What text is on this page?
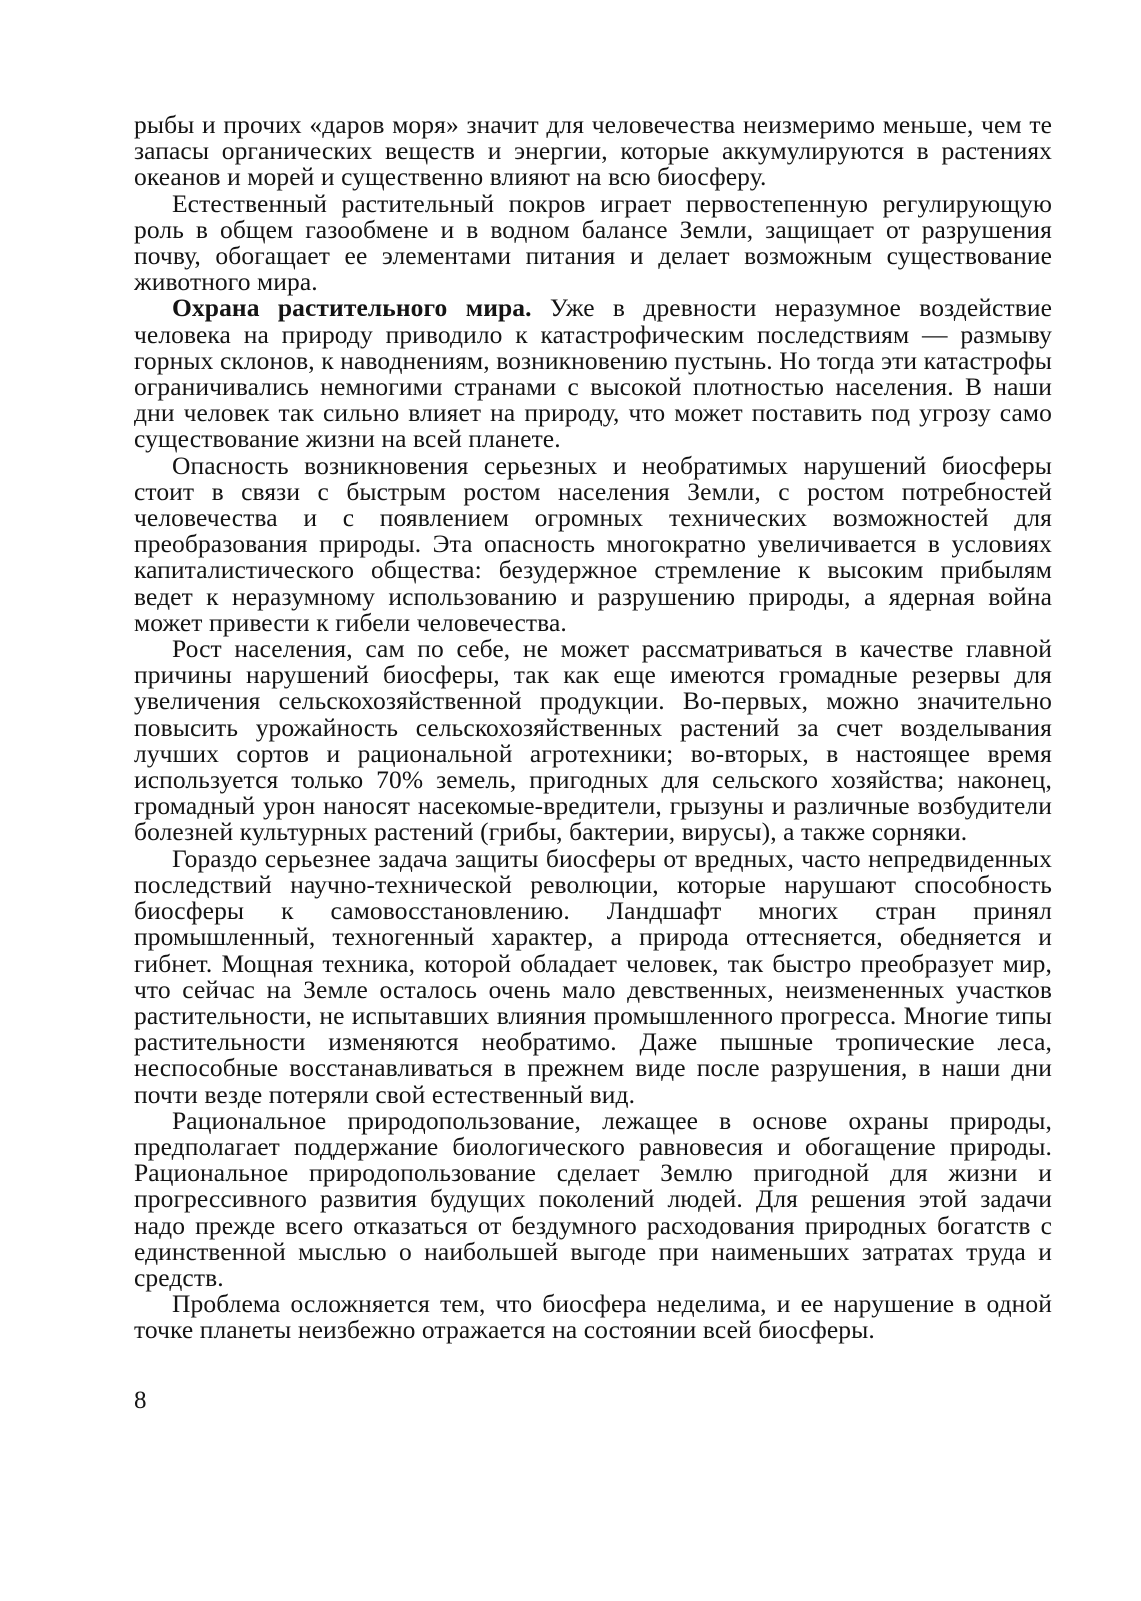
рыбы и прочих «даров моря» значит для человечества неизмеримо меньше, чем те запасы органических веществ и энергии, которые аккумулируются в растениях океанов и морей и существенно влияют на всю биосферу.

Естественный растительный покров играет первостепенную регулирующую роль в общем газообмене и в водном балансе Земли, защищает от разрушения почву, обогащает ее элементами питания и делает возможным существование животного мира.

Охрана растительного мира. Уже в древности неразумное воздействие человека на природу приводило к катастрофическим последствиям — размыву горных склонов, к наводнениям, возникновению пустынь. Но тогда эти катастрофы ограничивались немногими странами с высокой плотностью населения. В наши дни человек так сильно влияет на природу, что может поставить под угрозу само существование жизни на всей планете.

Опасность возникновения серьезных и необратимых нарушений биосферы стоит в связи с быстрым ростом населения Земли, с ростом потребностей человечества и с появлением огромных технических возможностей для преобразования природы. Эта опасность многократно увеличивается в условиях капиталистического общества: безудержное стремление к высоким прибылям ведет к неразумному использованию и разрушению природы, а ядерная война может привести к гибели человечества.

Рост населения, сам по себе, не может рассматриваться в качестве главной причины нарушений биосферы, так как еще имеются громадные резервы для увеличения сельскохозяйственной продукции. Во-первых, можно значительно повысить урожайность сельскохозяйственных растений за счет возделывания лучших сортов и рациональной агротехники; во-вторых, в настоящее время используется только 70% земель, пригодных для сельского хозяйства; наконец, громадный урон наносят насекомые-вредители, грызуны и различные возбудители болезней культурных растений (грибы, бактерии, вирусы), а также сорняки.

Гораздо серьезнее задача защиты биосферы от вредных, часто непредвиденных последствий научно-технической революции, которые нарушают способность биосферы к самовосстановлению. Ландшафт многих стран принял промышленный, техногенный характер, а природа оттесняется, обедняется и гибнет. Мощная техника, которой обладает человек, так быстро преобразует мир, что сейчас на Земле осталось очень мало девственных, неизмененных участков растительности, не испытавших влияния промышленного прогресса. Многие типы растительности изменяются необратимо. Даже пышные тропические леса, неспособные восстанавливаться в прежнем виде после разрушения, в наши дни почти везде потеряли свой естественный вид.

Рациональное природопользование, лежащее в основе охраны природы, предполагает поддержание биологического равновесия и обогащение природы. Рациональное природопользование сделает Землю пригодной для жизни и прогрессивного развития будущих поколений людей. Для решения этой задачи надо прежде всего отказаться от бездумного расходования природных богатств с единственной мыслью о наибольшей выгоде при наименьших затратах труда и средств.

Проблема осложняется тем, что биосфера неделима, и ее нарушение в одной точке планеты неизбежно отражается на состоянии всей биосферы.

8
